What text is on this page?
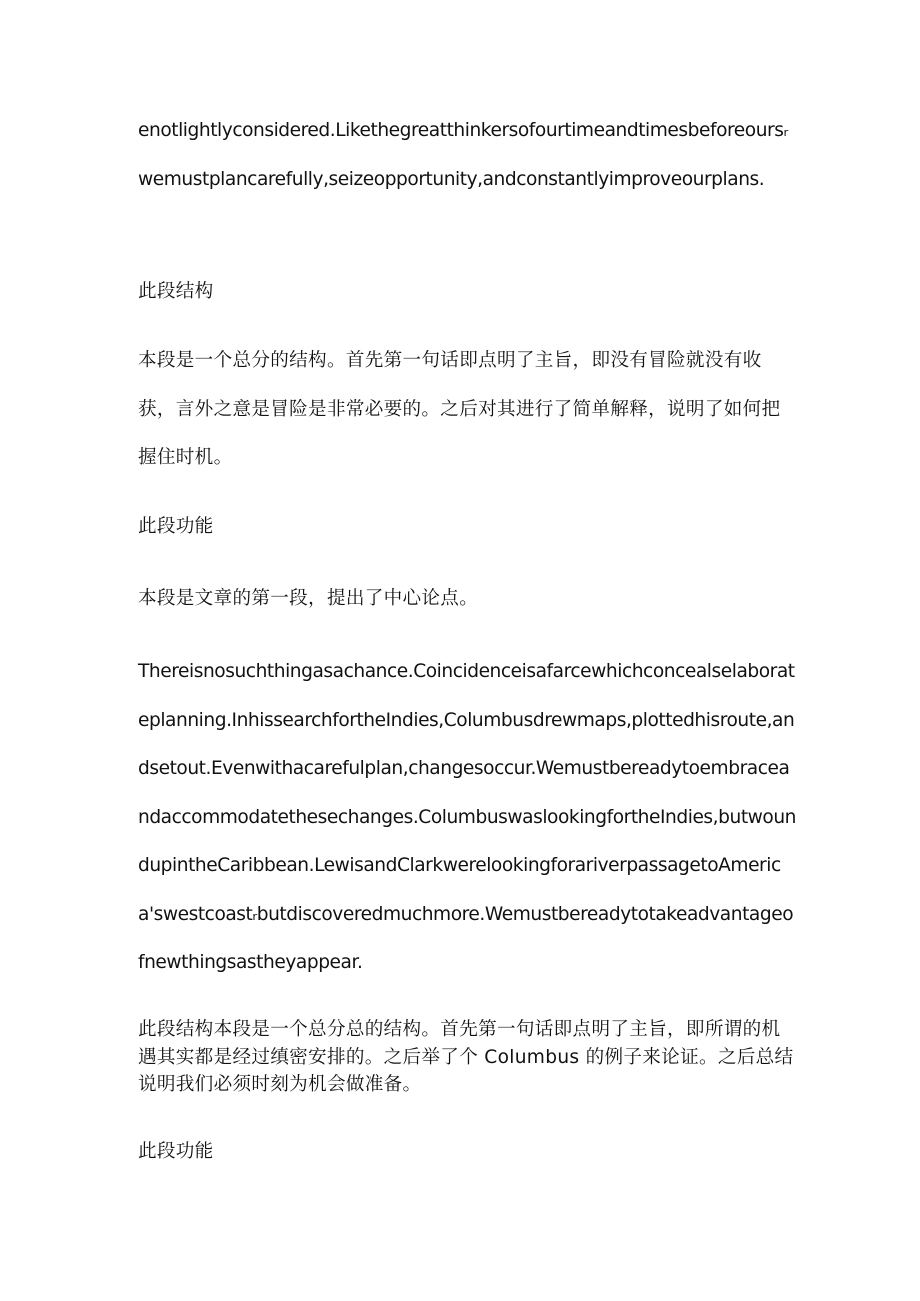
enotlightlyconsidered.Likethegreatthinkersofourtimeandtimesbeforeoursᵣwemustplancarefully,seizeopportunity,andconstantlyimproveourplans.

此段结构

本段是一个总分的结构。首先第一句话即点明了主旨，即没有冒险就没有收获，言外之意是冒险是非常必要的。之后对其进行了简单解释，说明了如何把握住时机。

此段功能

本段是文章的第一段，提出了中心论点。

Thereisnosuchthingasachance.Coincidenceisafarcewhichconcealselaborateplanning.InhissearchfortheIndies,Columbusdrewmaps,plottedhisroute,andsetout.Evenwithacarefulplan,changesoccur.Wemustbereadytoembraceandaccommodatethesechanges.ColumbuswaslookingfortheIndies,butwoundupintheCaribbean.LewisandClarkwerelookingforariverpassagetoAmerica'swestcoastᵣbutdiscoveredmuchmore.Wemustbereadytotakeadvantageofnewthingsastheyappear.

此段结构本段是一个总分总的结构。首先第一句话即点明了主旨，即所谓的机遇其实都是经过缜密安排的。之后举了个 Columbus 的例子来论证。之后总结说明我们必须时刻为机会做准备。

此段功能
